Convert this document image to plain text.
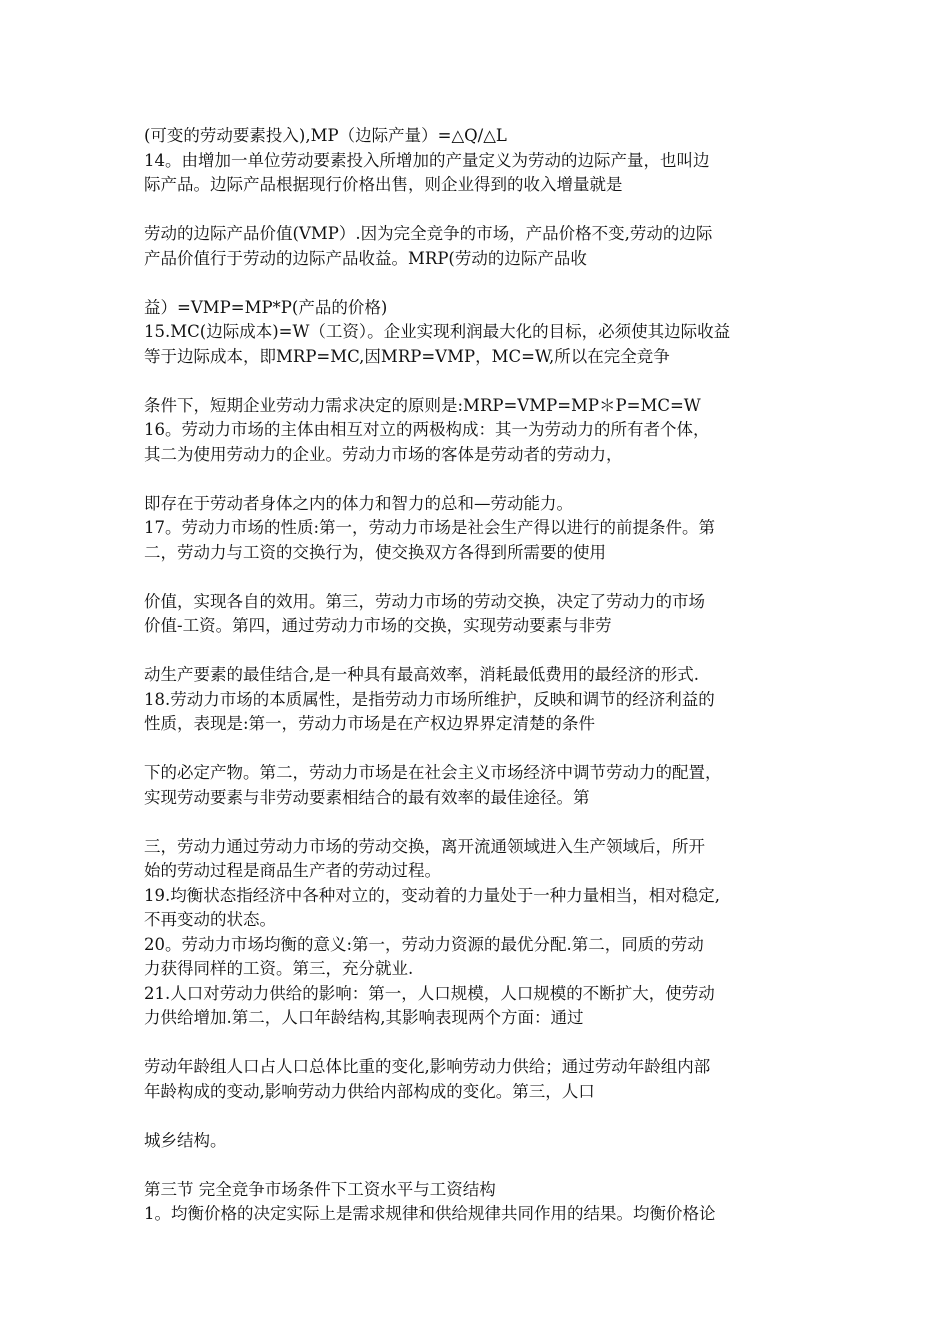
(可变的劳动要素投入),MP（边际产量）=△Q/△L
14。由增加一单位劳动要素投入所增加的产量定义为劳动的边际产量，也叫边
际产品。边际产品根据现行价格出售，则企业得到的收入增量就是
劳动的边际产品价值(VMP）.因为完全竞争的市场，产品价格不变,劳动的边际
产品价值行于劳动的边际产品收益。MRP(劳动的边际产品收
益）=VMP=MP*P(产品的价格)
15.MC(边际成本)=W（工资）。企业实现利润最大化的目标，必须使其边际收益
等于边际成本，即MRP=MC,因MRP=VMP，MC=W,所以在完全竞争
条件下，短期企业劳动力需求决定的原则是:MRP=VMP=MP＊P=MC=W
16。劳动力市场的主体由相互对立的两极构成：其一为劳动力的所有者个体，
其二为使用劳动力的企业。劳动力市场的客体是劳动者的劳动力，
即存在于劳动者身体之内的体力和智力的总和—劳动能力。
17。劳动力市场的性质:第一，劳动力市场是社会生产得以进行的前提条件。第
二，劳动力与工资的交换行为，使交换双方各得到所需要的使用
价值，实现各自的效用。第三，劳动力市场的劳动交换，决定了劳动力的市场
价值-工资。第四，通过劳动力市场的交换，实现劳动要素与非劳
动生产要素的最佳结合,是一种具有最高效率，消耗最低费用的最经济的形式.
18.劳动力市场的本质属性，是指劳动力市场所维护，反映和调节的经济利益的
性质，表现是:第一，劳动力市场是在产权边界界定清楚的条件
下的必定产物。第二，劳动力市场是在社会主义市场经济中调节劳动力的配置，
实现劳动要素与非劳动要素相结合的最有效率的最佳途径。第
三，劳动力通过劳动力市场的劳动交换，离开流通领域进入生产领域后，所开
始的劳动过程是商品生产者的劳动过程。
19.均衡状态指经济中各种对立的，变动着的力量处于一种力量相当，相对稳定,
不再变动的状态。
20。劳动力市场均衡的意义:第一，劳动力资源的最优分配.第二，同质的劳动
力获得同样的工资。第三，充分就业.
21.人口对劳动力供给的影响：第一，人口规模，人口规模的不断扩大，使劳动
力供给增加.第二，人口年龄结构,其影响表现两个方面：通过
劳动年龄组人口占人口总体比重的变化,影响劳动力供给；通过劳动年龄组内部
年龄构成的变动,影响劳动力供给内部构成的变化。第三，人口
城乡结构。
第三节 完全竞争市场条件下工资水平与工资结构
1。均衡价格的决定实际上是需求规律和供给规律共同作用的结果。均衡价格论
